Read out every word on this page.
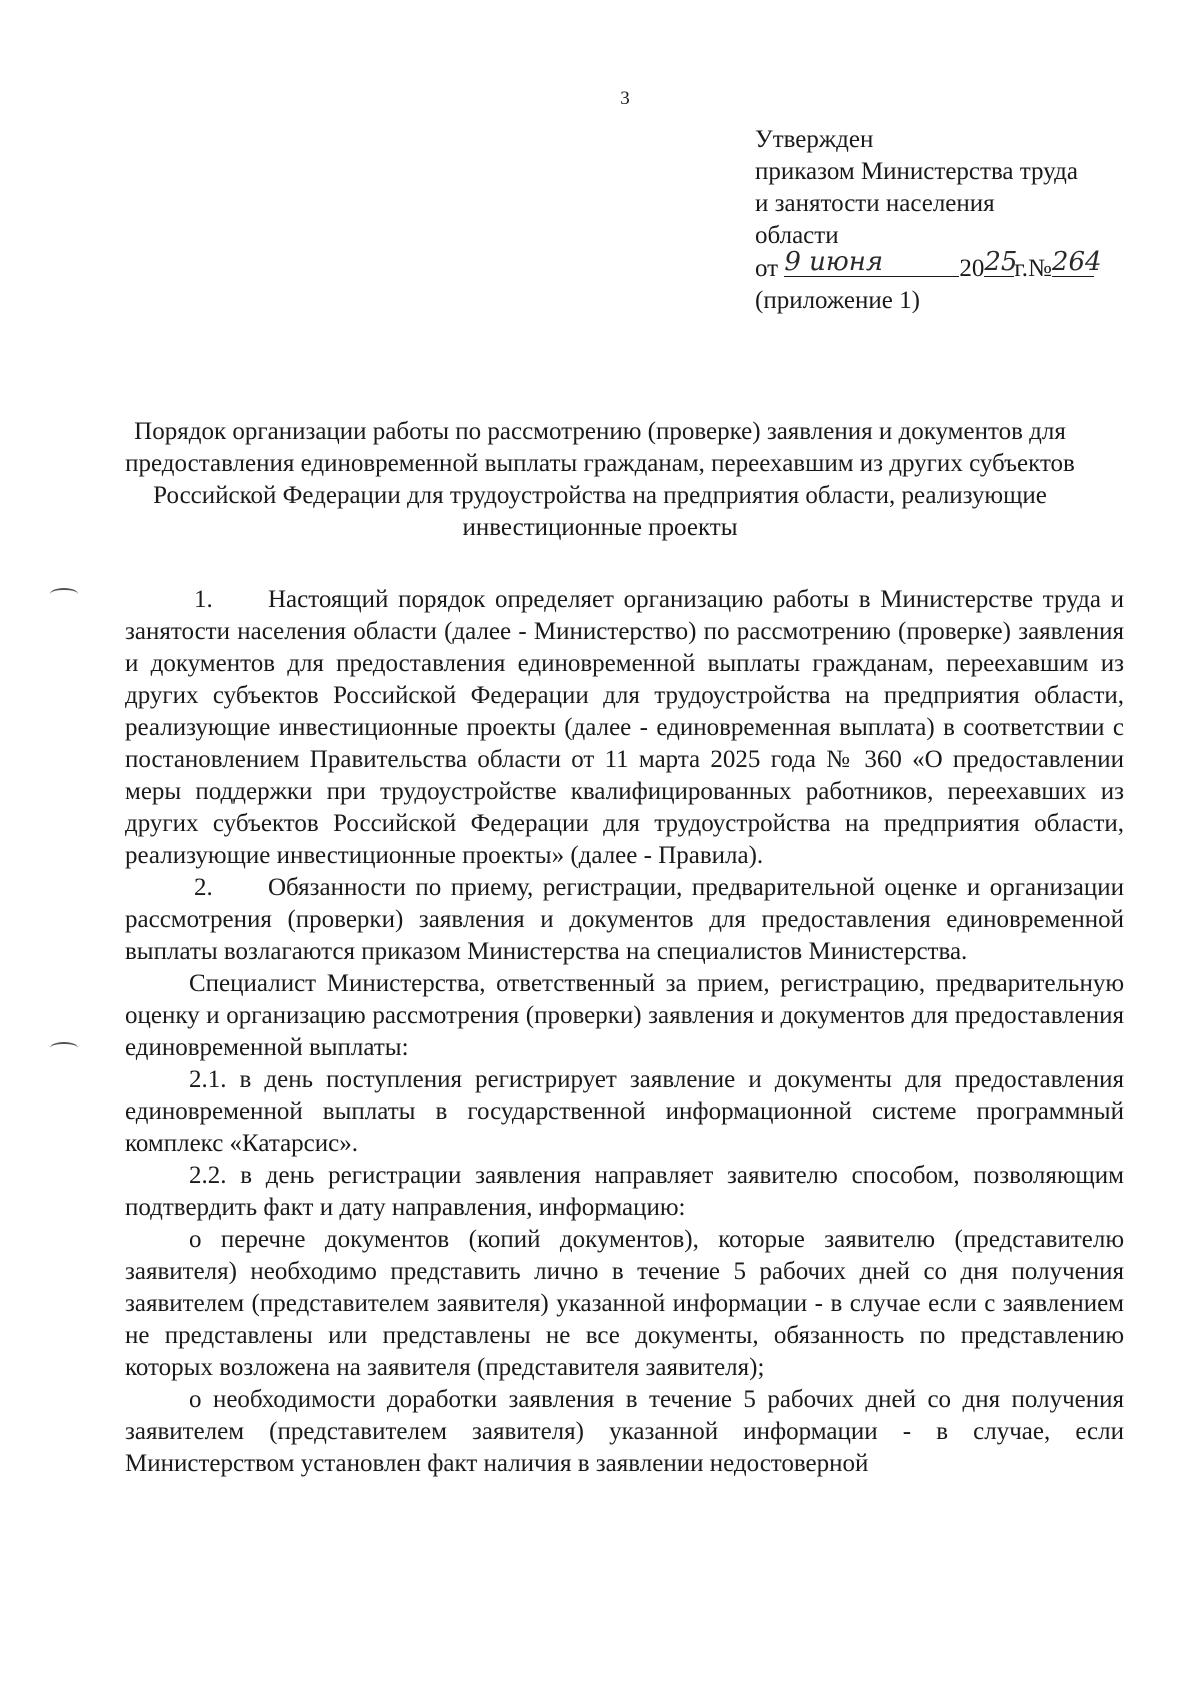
3
Утвержден
приказом Министерства труда
и занятости населения
области
от 9 июня	2025г.№264
(приложение 1)
Порядок организации работы по рассмотрению (проверке) заявления и документов для предоставления единовременной выплаты гражданам, переехавшим из других субъектов Российской Федерации для трудоустройства на предприятия области, реализующие инвестиционные проекты

1. Настоящий порядок определяет организацию работы в Министерстве труда и занятости населения области (далее - Министерство) по рассмотрению (проверке) заявления и документов для предоставления единовременной выплаты гражданам, переехавшим из других субъектов Российской Федерации для трудоустройства на предприятия области, реализующие инвестиционные проекты (далее - единовременная выплата) в соответствии с постановлением Правительства области от 11 марта 2025 года № 360 «О предоставлении меры поддержки при трудоустройстве квалифицированных работников, переехавших из других субъектов Российской Федерации для трудоустройства на предприятия области, реализующие инвестиционные проекты» (далее - Правила).

2. Обязанности по приему, регистрации, предварительной оценке и организации рассмотрения (проверки) заявления и документов для предоставления единовременной выплаты возлагаются приказом Министерства на специалистов Министерства.

Специалист Министерства, ответственный за прием, регистрацию, предварительную оценку и организацию рассмотрения (проверки) заявления и документов для предоставления единовременной выплаты:

2.1. в день поступления регистрирует заявление и документы для предоставления единовременной выплаты в государственной информационной системе программный комплекс «Катарсис».

2.2. в день регистрации заявления направляет заявителю способом, позволяющим подтвердить факт и дату направления, информацию:

о перечне документов (копий документов), которые заявителю (представителю заявителя) необходимо представить лично в течение 5 рабочих дней со дня получения заявителем (представителем заявителя) указанной информации - в случае если с заявлением не представлены или представлены не все документы, обязанность по представлению которых возложена на заявителя (представителя заявителя);

о необходимости доработки заявления в течение 5 рабочих дней со дня получения заявителем (представителем заявителя) указанной информации - в случае, если Министерством установлен факт наличия в заявлении недостоверной
